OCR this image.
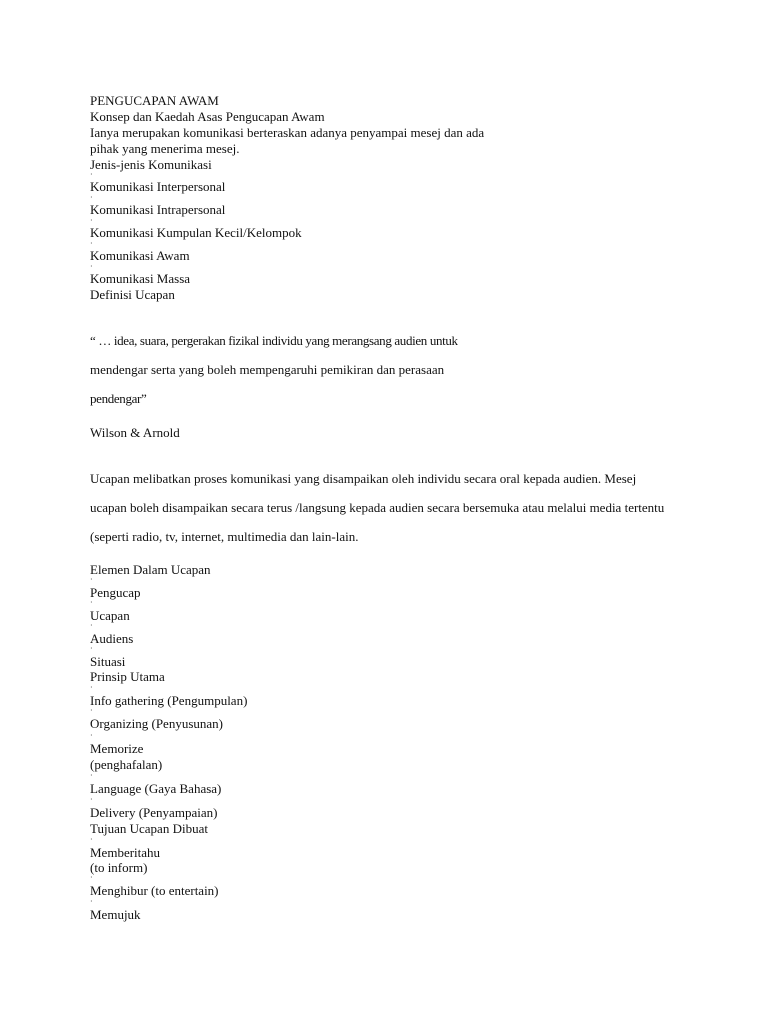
PENGUCAPAN AWAM
Konsep dan Kaedah Asas Pengucapan Awam
Ianya merupakan komunikasi berteraskan adanya penyampai mesej dan ada
pihak yang menerima mesej.
Jenis-jenis Komunikasi
·
Komunikasi Interpersonal
·
Komunikasi Intrapersonal
·
Komunikasi Kumpulan Kecil/Kelompok
·
Komunikasi Awam
·
Komunikasi Massa
Definisi Ucapan
“ … idea, suara, pergerakan fizikal individu yang merangsang audien untuk
mendengar serta yang boleh mempengaruhi pemikiran dan perasaan
pendengar”
Wilson & Arnold
Ucapan melibatkan proses komunikasi yang disampaikan oleh individu secara oral kepada audien. Mesej
ucapan boleh disampaikan secara terus /langsung kepada audien secara bersemuka atau melalui media tertentu
(seperti radio, tv, internet, multimedia dan lain-lain.
Elemen Dalam Ucapan
·
Pengucap
·
Ucapan
·
Audiens
·
Situasi
Prinsip Utama
·
Info gathering (Pengumpulan)
·
Organizing (Penyusunan)
·
Memorize
(penghafalan)
·
Language (Gaya Bahasa)
·
Delivery (Penyampaian)
Tujuan Ucapan Dibuat
·
Memberitahu
(to inform)
·
Menghibur (to entertain)
·
Memujuk
